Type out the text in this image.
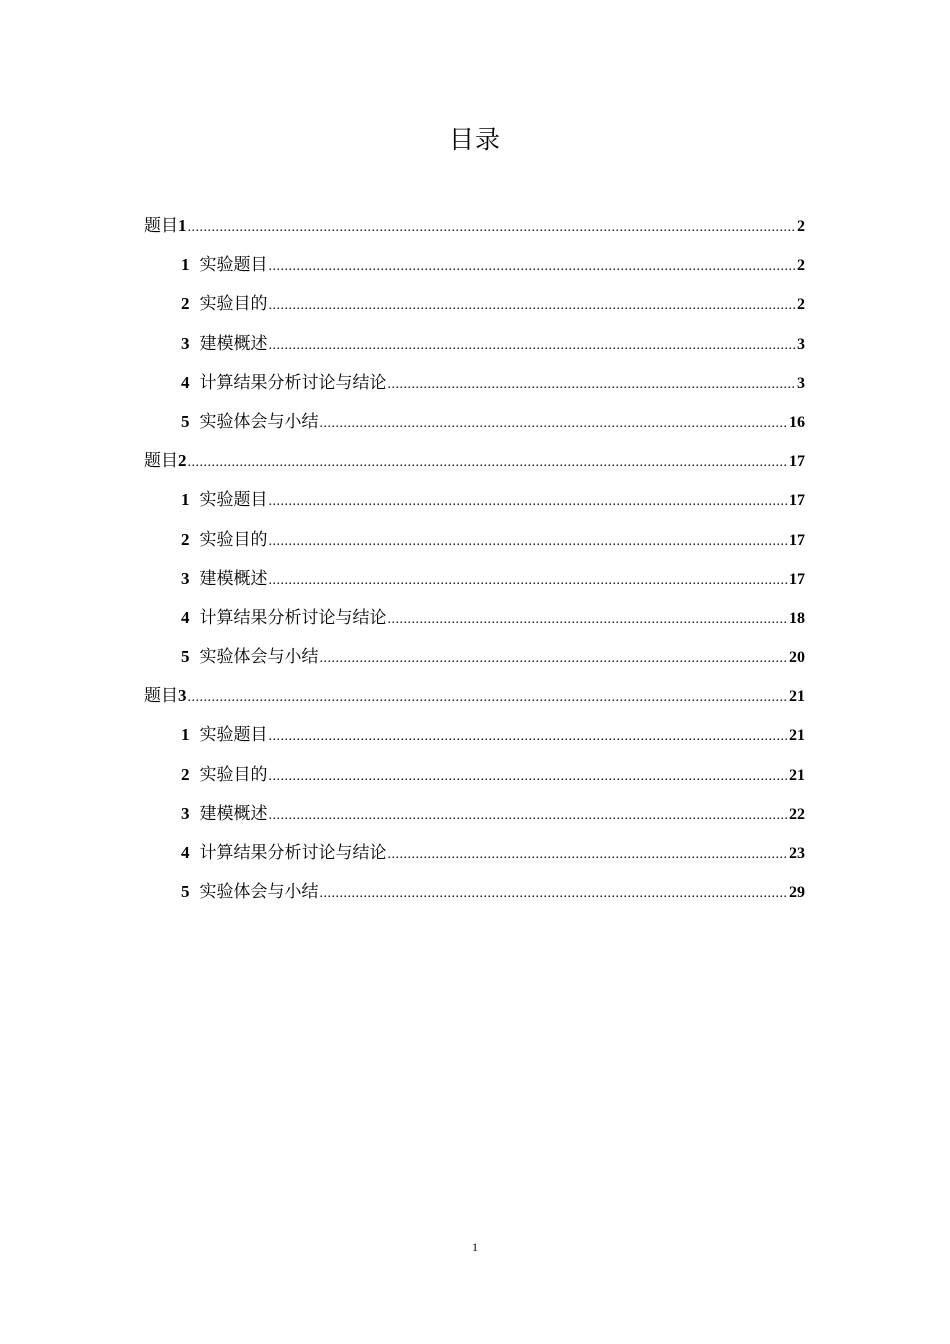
目录
题目 1 .....	2
1 实验题目 .....	2
2 实验目的 .....	2
3 建模概述 .....	3
4 计算结果分析讨论与结论 .....	3
5 实验体会与小结 .....	16
题目 2 .....	17
1 实验题目 .....	17
2 实验目的 .....	17
3 建模概述 .....	17
4 计算结果分析讨论与结论 .....	18
5 实验体会与小结 .....	20
题目 3 .....	21
1 实验题目 .....	21
2 实验目的 .....	21
3 建模概述 .....	22
4 计算结果分析讨论与结论 .....	23
5 实验体会与小结 .....	29
1
